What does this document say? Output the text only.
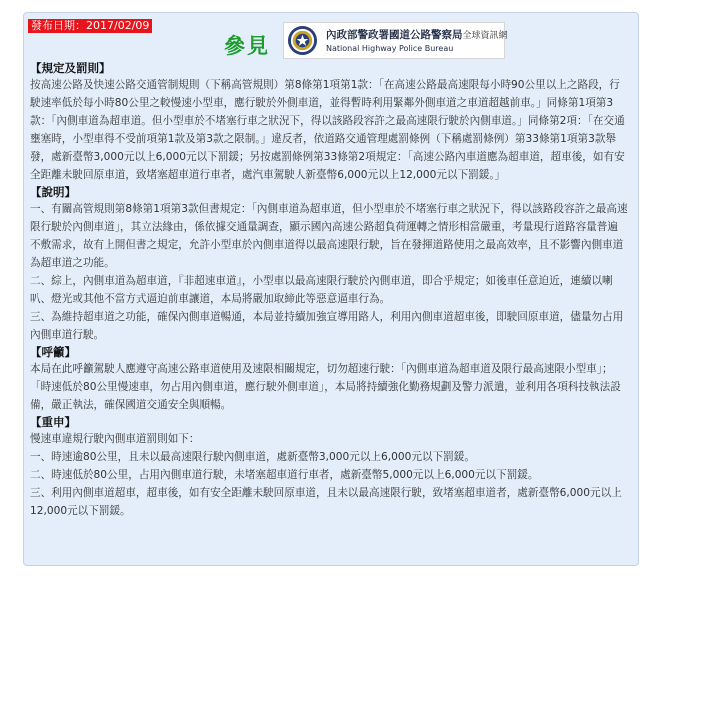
發布日期：2017/02/09
參見	內政部警政署國道公路警察局全球資訊網
National Highway Police Bureau
【規定及罰則】

按高速公路及快速公路交通管制規則（下稱高管規則）第8條第1項第1款：「在高速公路最高速限每小時90公里以上之路段，行駛速率低於每小時80公里之較慢速小型車，應行駛於外側車道，並得暫時利用緊鄰外側車道之車道超越前車。」同條第1項第3款：「內側車道為超車道。但小型車於不堵塞行車之狀況下，得以該路段容許之最高速限行駛於內側車道。」同條第2項：「在交通壅塞時，小型車得不受前項第1款及第3款之限制。」違反者，依道路交通管理處罰條例（下稱處罰條例）第33條第1項第3款舉發，處新臺幣3,000元以上6,000元以下罰鍰；另按處罰條例第33條第2項規定：「高速公路內車道應為超車道，超車後，如有安全距離未駛回原車道，致堵塞超車道行車者，處汽車駕駛人新臺幣6,000元以上12,000元以下罰鍰。」

【說明】

一、有關高管規則第8條第1項第3款但書規定：「內側車道為超車道，但小型車於不堵塞行車之狀況下，得以該路段容許之最高速限行駛於內側車道」，其立法緣由，係依據交通量調查，顯示國內高速公路超負荷運轉之情形相當嚴重，考量現行道路容量普遍不敷需求，故有上開但書之規定，允許小型車於內側車道得以最高速限行駛，旨在發揮道路使用之最高效率，且不影響內側車道為超車道之功能。

二、綜上，內側車道為超車道，『非超速車道』，小型車以最高速限行駛於內側車道，即合乎規定；如後車任意迫近，連續以喇叭、燈光或其他不當方式逼迫前車讓道，本局將嚴加取締此等惡意逼車行為。

三、為維持超車道之功能，確保內側車道暢通，本局並持續加強宣導用路人，利用內側車道超車後，即駛回原車道，儘量勿占用內側車道行駛。

【呼籲】

本局在此呼籲駕駛人應遵守高速公路車道使用及速限相關規定，切勿超速行駛：「內側車道為超車道及限行最高速限小型車」；「時速低於80公里慢速車，勿占用內側車道，應行駛外側車道」，本局將持續強化勤務規劃及警力派遣，並利用各項科技執法設備，嚴正執法，確保國道交通安全與順暢。

【重申】

慢速車違規行駛內側車道罰則如下：

一、時速逾80公里，且未以最高速限行駛內側車道，處新臺幣3,000元以上6,000元以下罰鍰。

二、時速低於80公里，占用內側車道行駛，未堵塞超車道行車者，處新臺幣5,000元以上6,000元以下罰鍰。

三、利用內側車道超車，超車後，如有安全距離未駛回原車道，且未以最高速限行駛，致堵塞超車道者，處新臺幣6,000元以上12,000元以下罰鍰。
